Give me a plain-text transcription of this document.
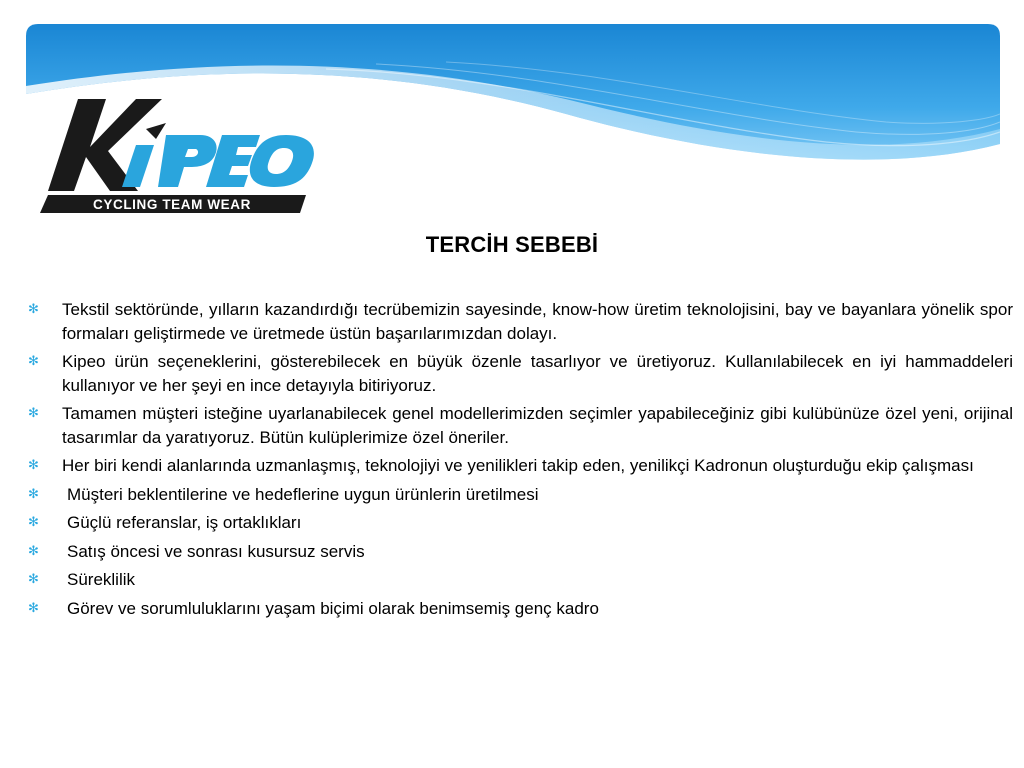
CYCLING TEAM WEAR
TERCİH SEBEBİ
✻ Tekstil sektöründe, yılların kazandırdığı tecrübemizin sayesinde, know-how üretim teknolojisini, bay ve bayanlara yönelik spor formaları geliştirmede ve üretmede üstün başarılarımızdan dolayı.
✻ Kipeo ürün seçeneklerini, gösterebilecek en büyük özenle tasarlıyor ve üretiyoruz. Kullanılabilecek en iyi hammaddeleri kullanıyor ve her şeyi en ince detayıyla bitiriyoruz.
✻ Tamamen müşteri isteğine uyarlanabilecek genel modellerimizden seçimler yapabileceğiniz gibi kulübünüze özel yeni, orijinal tasarımlar da yaratıyoruz. Bütün kulüplerimize özel öneriler.
✻ Her biri kendi alanlarında uzmanlaşmış, teknolojiyi ve yenilikleri takip eden, yenilikçi Kadronun oluşturduğu ekip çalışması
✻ Müşteri beklentilerine ve hedeflerine uygun ürünlerin üretilmesi
✻ Güçlü referanslar, iş ortaklıkları
✻ Satış öncesi ve sonrası kusursuz servis
✻ Süreklilik
✻ Görev ve sorumluluklarını yaşam biçimi olarak benimsemiş genç kadro
